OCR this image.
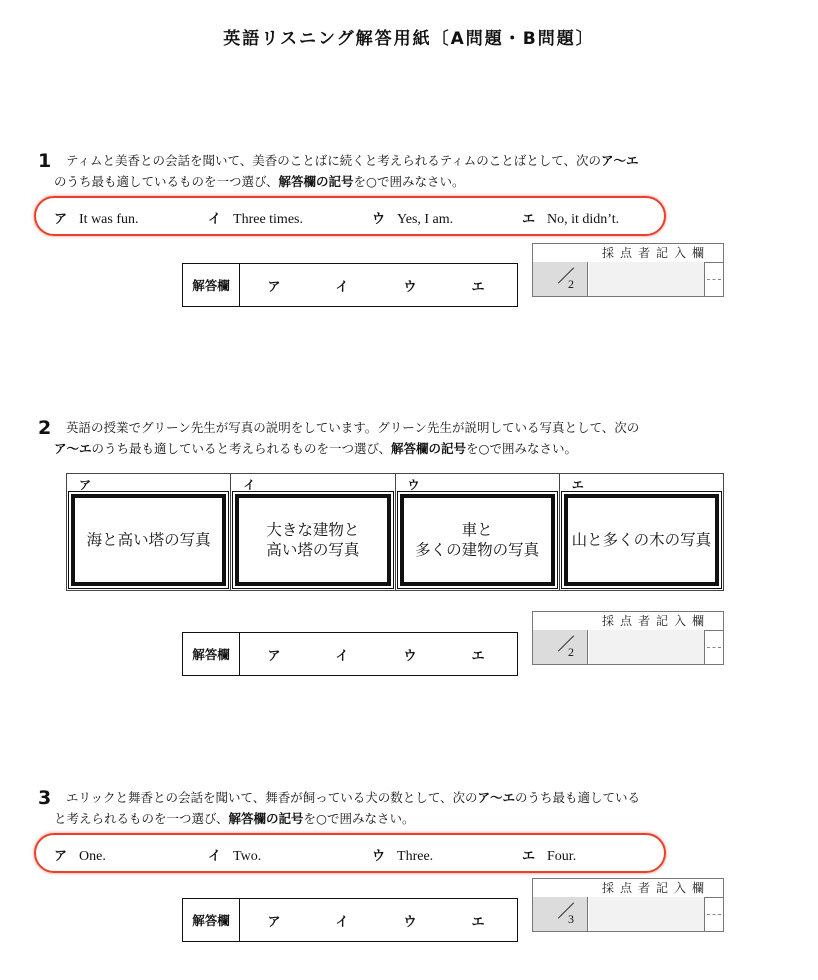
英語リスニング解答用紙〔A問題・B問題〕
1 ティムと美香との会話を聞いて、美香のことばに続くと考えられるティムのことばとして、次のア〜エ
のうち最も適しているものを一つ選び、解答欄の記号を○で囲みなさい。
ア It was fun.	イ Three times.	ウ Yes, I am.	エ No, it didn’t.
採点者記入欄
2
解答欄	ア	イ	ウ	エ
2 英語の授業でグリーン先生が写真の説明をしています。グリーン先生が説明している写真として、次の
ア〜エのうち最も適していると考えられるものを一つ選び、解答欄の記号を○で囲みなさい。
ア
海と高い塔の写真
イ
大きな建物と
高い塔の写真
ウ
車と
多くの建物の写真
エ
山と多くの木の写真
採点者記入欄
2
解答欄	ア	イ	ウ	エ
3 エリックと舞香との会話を聞いて、舞香が飼っている犬の数として、次のア〜エのうち最も適している
と考えられるものを一つ選び、解答欄の記号を○で囲みなさい。
ア One.	イ Two.	ウ Three.	エ Four.
採点者記入欄
3
解答欄	ア	イ	ウ	エ
